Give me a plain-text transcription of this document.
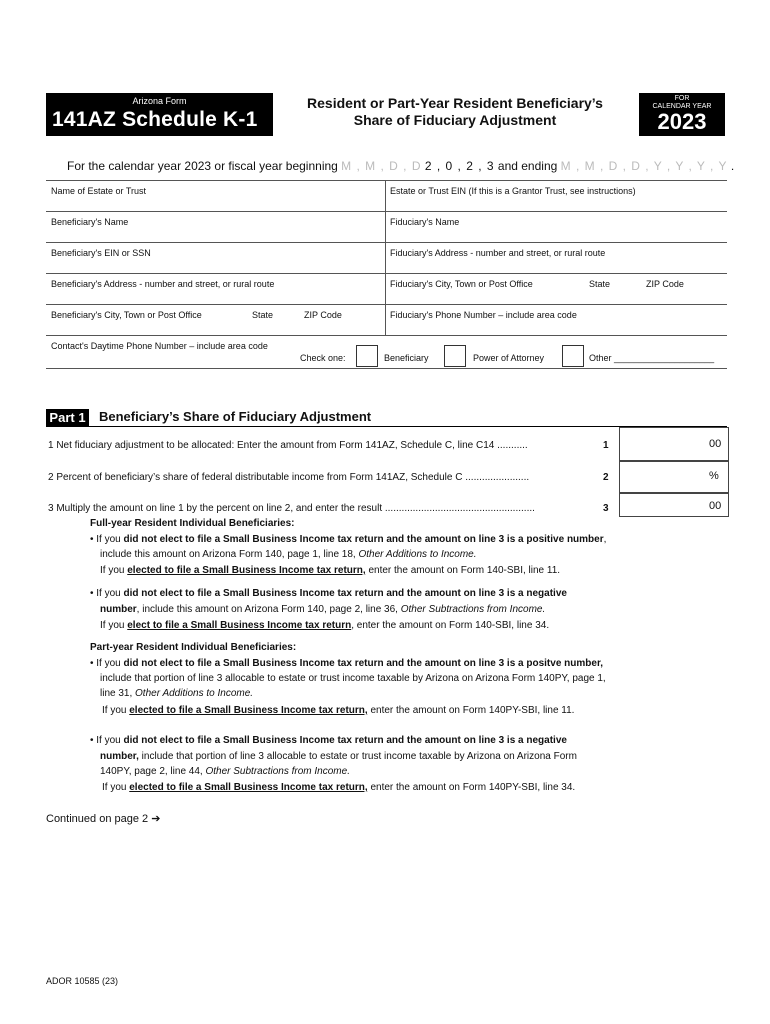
Arizona Form
141AZ Schedule K-1
Resident or Part-Year Resident Beneficiary’s
Share of Fiduciary Adjustment
FOR
CALENDAR YEAR
2023
For the calendar year 2023 or fiscal year beginning M , M , D , D 2 , 0 , 2 , 3 and ending M , M , D , D , Y , Y , Y , Y .
Name of Estate or Trust	Estate or Trust EIN (If this is a Grantor Trust, see instructions)
Beneficiary's Name	Fiduciary's Name
Beneficiary's EIN or SSN	Fiduciary's Address - number and street, or rural route
Beneficiary's Address - number and street, or rural route	Fiduciary's City, Town or Post Office	State	ZIP Code
Beneficiary's City, Town or Post Office	State	ZIP Code	Fiduciary's Phone Number – include area code
Contact's Daytime Phone Number – include area code
Check one:	Beneficiary	Power of Attorney	Other ____________________
Part 1 Beneficiary’s Share of Fiduciary Adjustment
1 Net fiduciary adjustment to be allocated: Enter the amount from Form 141AZ, Schedule C, line C14 ...........	1	00
2 Percent of beneficiary’s share of federal distributable income from Form 141AZ, Schedule C .......................	2	%
3 Multiply the amount on line 1 by the percent on line 2, and enter the result ......................................................	3	00
Full-year Resident Individual Beneficiaries:
• If you did not elect to file a Small Business Income tax return and the amount on line 3 is a positive number,
include this amount on Arizona Form 140, page 1, line 18, Other Additions to Income.
If you elected to file a Small Business Income tax return, enter the amount on Form 140-SBI, line 11.
• If you did not elect to file a Small Business Income tax return and the amount on line 3 is a negative
number, include this amount on Arizona Form 140, page 2, line 36, Other Subtractions from Income.
If you elect to file a Small Business Income tax return, enter the amount on Form 140-SBI, line 34.
Part-year Resident Individual Beneficiaries:
• If you did not elect to file a Small Business Income tax return and the amount on line 3 is a positve number,
include that portion of line 3 allocable to estate or trust income taxable by Arizona on Arizona Form 140PY, page 1,
line 31, Other Additions to Income.
If you elected to file a Small Business Income tax return, enter the amount on Form 140PY-SBI, line 11.
• If you did not elect to file a Small Business Income tax return and the amount on line 3 is a negative
number, include that portion of line 3 allocable to estate or trust income taxable by Arizona on Arizona Form
140PY, page 2, line 44, Other Subtractions from Income.
If you elected to file a Small Business Income tax return, enter the amount on Form 140PY-SBI, line 34.
Continued on page 2 ➔
ADOR 10585 (23)
